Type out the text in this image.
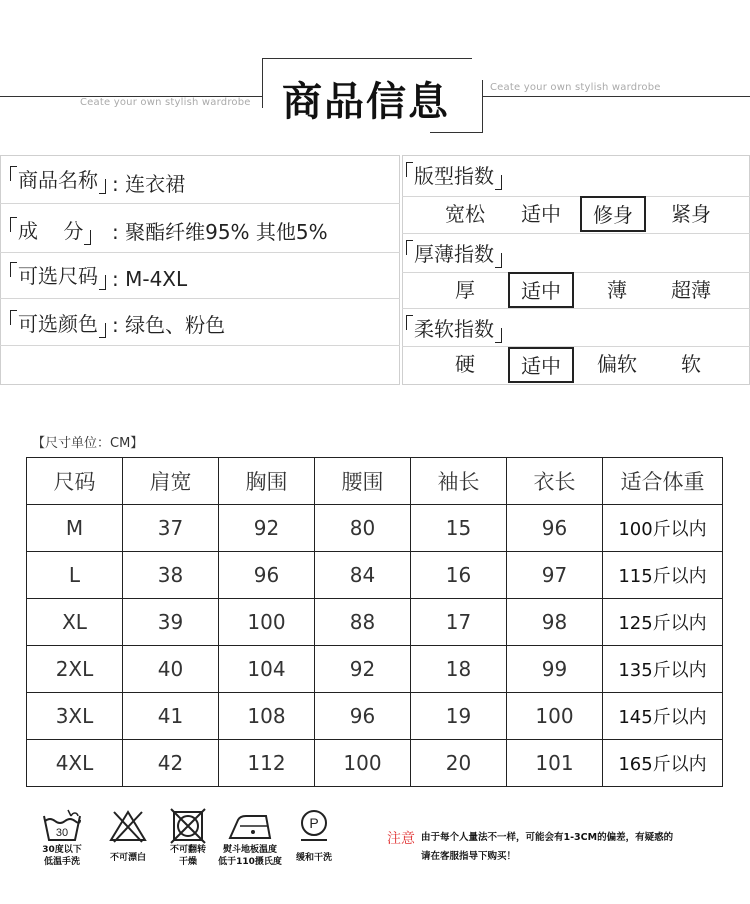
Ceate your own stylish wardrobe 商品信息	Ceate your own stylish wardrobe
商品名称 : 连衣裙
成    分	: 聚酯纤维95% 其他5%
可选尺码 : M-4XL
可选颜色 : 绿色、粉色
版型指数
宽松	适中	修身	紧身
厚薄指数
厚	适中	薄	超薄
柔软指数
硬	适中	偏软	软
【尺寸单位：CM】
尺码	肩宽	胸围	腰围	袖长	衣长	适合体重
M	37	92	80	15	96	100斤以内
L	38	96	84	16	97	115斤以内
XL	39	100	88	17	98	125斤以内
2XL	40	104	92	18	99	135斤以内
3XL	41	108	96	19	100	145斤以内
4XL	42	112	100	20	101	165斤以内
30
30度以下
低温手洗	不可漂白
不可翻转
干燥
熨斗地板温度
低于110摄氏度
P
缓和干洗
注意 由于每个人量法不一样，可能会有1-3CM的偏差，有疑惑的
请在客服指导下购买！
